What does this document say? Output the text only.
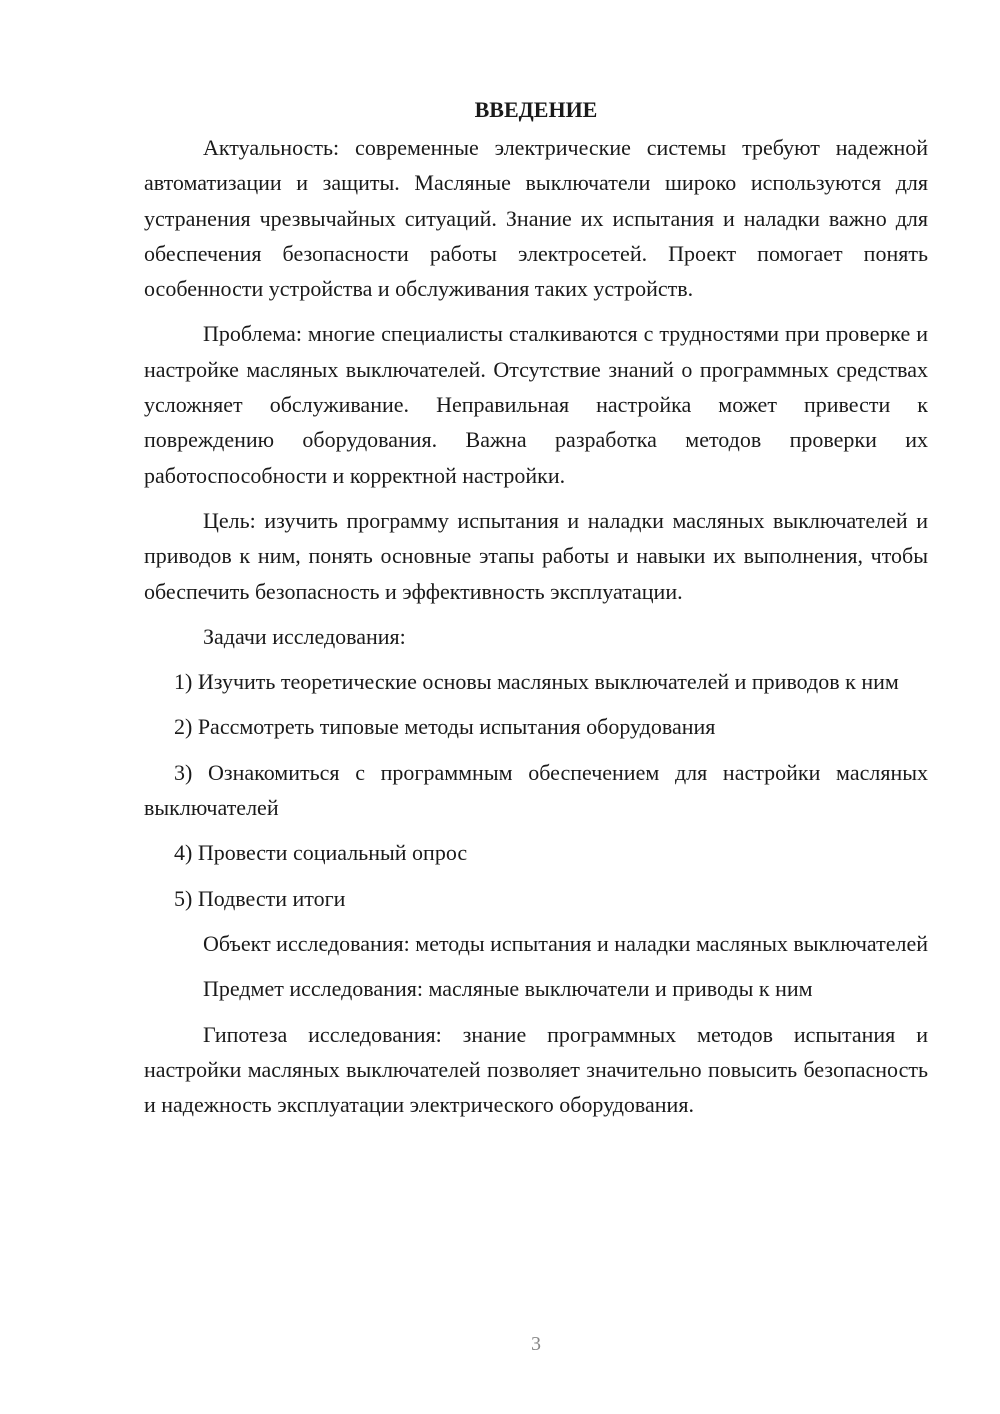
ВВЕДЕНИЕ

Актуальность: современные электрические системы требуют надежной автоматизации и защиты. Масляные выключатели широко используются для устранения чрезвычайных ситуаций. Знание их испытания и наладки важно для обеспечения безопасности работы электросетей. Проект помогает понять особенности устройства и обслуживания таких устройств.

Проблема: многие специалисты сталкиваются с трудностями при проверке и настройке масляных выключателей. Отсутствие знаний о программных средствах усложняет обслуживание. Неправильная настройка может привести к повреждению оборудования. Важна разработка методов проверки их работоспособности и корректной настройки.

Цель: изучить программу испытания и наладки масляных выключателей и приводов к ним, понять основные этапы работы и навыки их выполнения, чтобы обеспечить безопасность и эффективность эксплуатации.

Задачи исследования:

1) Изучить теоретические основы масляных выключателей и приводов к ним

2) Рассмотреть типовые методы испытания оборудования

3) Ознакомиться с программным обеспечением для настройки масляных выключателей

4) Провести социальный опрос

5) Подвести итоги

Объект исследования: методы испытания и наладки масляных выключателей

Предмет исследования: масляные выключатели и приводы к ним

Гипотеза исследования: знание программных методов испытания и настройки масляных выключателей позволяет значительно повысить безопасность и надежность эксплуатации электрического оборудования.

3
